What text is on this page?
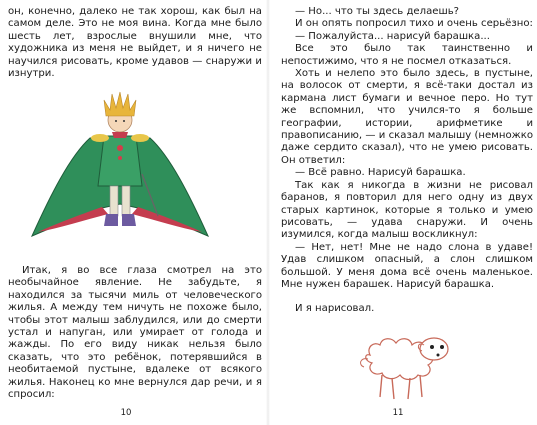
он, конечно, далеко не так хорош, как был на самом деле. Это не моя вина. Когда мне было шесть лет, взрослые внушили мне, что художника из меня не выйдет, и я ничего не научился рисовать, кроме удавов — снаружи и изнутри.

Итак, я во все глаза смотрел на это необычайное явление. Не забудьте, я находился за тысячи миль от человеческого жилья. А между тем ничуть не похоже было, чтобы этот малыш заблудился, или до смерти устал и напуган, или умирает от голода и жажды. По его виду никак нельзя было сказать, что это ребёнок, потерявшийся в необитаемой пустыне, вдалеке от всякого жилья. Наконец ко мне вернулся дар речи, и я спросил:

10

— Но... что ты здесь делаешь?

И он опять попросил тихо и очень серьёзно:

— Пожалуйста... нарисуй барашка...

Все это было так таинственно и непостижимо, что я не посмел отказаться.

Хоть и нелепо это было здесь, в пустыне, на волосок от смерти, я всё-таки достал из кармана лист бумаги и вечное перо. Но тут же вспомнил, что учился-то я больше географии, истории, арифметике и правописанию, — и сказал малышу (немножко даже сердито сказал), что не умею рисовать. Он ответил:

— Всё равно. Нарисуй барашка.

Так как я никогда в жизни не рисовал баранов, я повторил для него одну из двух старых картинок, которые я только и умею рисовать, — удава снаружи. И очень изумился, когда малыш воскликнул:

— Нет, нет! Мне не надо слона в удаве! Удав слишком опасный, а слон слишком большой. У меня дома всё очень маленькое. Мне нужен барашек. Нарисуй барашка.

И я нарисовал.

11
